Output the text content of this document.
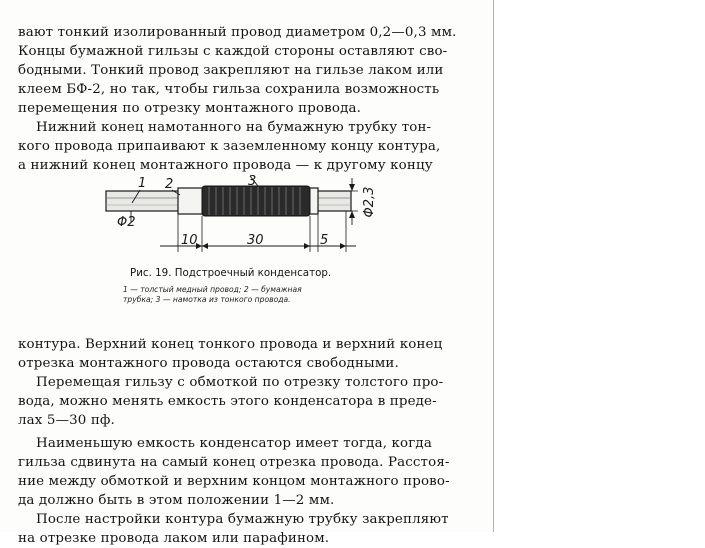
вают тонкий изолированный провод диаметром 0,2—0,3 мм.
Концы бумажной гильзы с каждой стороны оставляют сво-
бодными. Тонкий провод закрепляют на гильзе лаком или
клеем БФ-2, но так, чтобы гильза сохранила возможность
перемещения по отрезку монтажного провода.
Нижний конец намотанного на бумажную трубку тон-
кого провода припаивают к заземленному концу контура,
а нижний конец монтажного провода — к другому концу
1 2	3
Φ2
Φ2,3
10	30	5
Рис. 19. Подстроечный конденсатор.
1 — толстый медный провод; 2 — бумажная
трубка; 3 — намотка из тонкого провода.
контура. Верхний конец тонкого провода и верхний конец
отрезка монтажного провода остаются свободными.
Перемещая гильзу с обмоткой по отрезку толстого про-
вода, можно менять емкость этого конденсатора в преде-
лах 5—30 пф.
Наименьшую емкость конденсатор имеет тогда, когда
гильза сдвинута на самый конец отрезка провода. Расстоя-
ние между обмоткой и верхним концом монтажного прово-
да должно быть в этом положении 1—2 мм.
После настройки контура бумажную трубку закрепляют
на отрезке провода лаком или парафином.
